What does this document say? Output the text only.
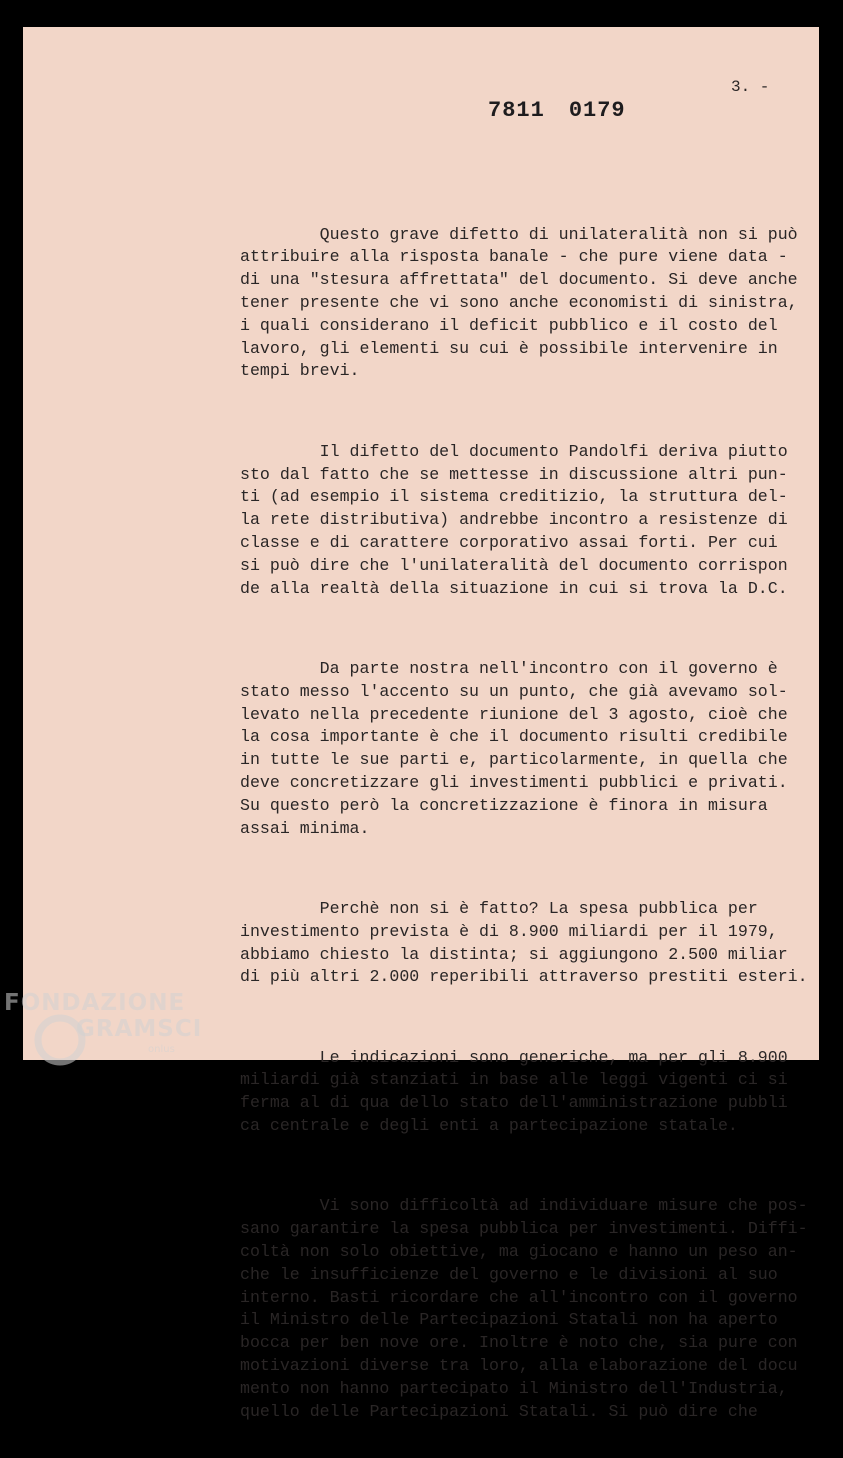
3. -
7811 0179

Questo grave difetto di unilateralità non si può
attribuire alla risposta banale - che pure viene data -
di una "stesura affrettata" del documento. Si deve anche
tener presente che vi sono anche economisti di sinistra,
i quali considerano il deficit pubblico e il costo del
lavoro, gli elementi su cui è possibile intervenire in
tempi brevi.

Il difetto del documento Pandolfi deriva piutto
sto dal fatto che se mettesse in discussione altri pun-
ti (ad esempio il sistema creditizio, la struttura del-
la rete distributiva) andrebbe incontro a resistenze di
classe e di carattere corporativo assai forti. Per cui
si può dire che l'unilateralità del documento corrispon
de alla realtà della situazione in cui si trova la D.C.

Da parte nostra nell'incontro con il governo è
stato messo l'accento su un punto, che già avevamo sol-
levato nella precedente riunione del 3 agosto, cioè che
la cosa importante è che il documento risulti credibile
in tutte le sue parti e, particolarmente, in quella che
deve concretizzare gli investimenti pubblici e privati.
Su questo però la concretizzazione è finora in misura
assai minima.

Perchè non si è fatto? La spesa pubblica per
investimento prevista è di 8.900 miliardi per il 1979,
abbiamo chiesto la distinta; si aggiungono 2.500 miliar
di più altri 2.000 reperibili attraverso prestiti esteri.

Le indicazioni sono generiche, ma per gli 8.900
miliardi già stanziati in base alle leggi vigenti ci si
ferma al di qua dello stato dell'amministrazione pubbli
ca centrale e degli enti a partecipazione statale.

Vi sono difficoltà ad individuare misure che pos-
sano garantire la spesa pubblica per investimenti. Diffi-
coltà non solo obiettive, ma giocano e hanno un peso an-
che le insufficienze del governo e le divisioni al suo
interno. Basti ricordare che all'incontro con il governo
il Ministro delle Partecipazioni Statali non ha aperto
bocca per ben nove ore. Inoltre è noto che, sia pure con
motivazioni diverse tra loro, alla elaborazione del docu
mento non hanno partecipato il Ministro dell'Industria,
quello delle Partecipazioni Statali. Si può dire che

FONDAZIONE
GRAMSCI
onlus
